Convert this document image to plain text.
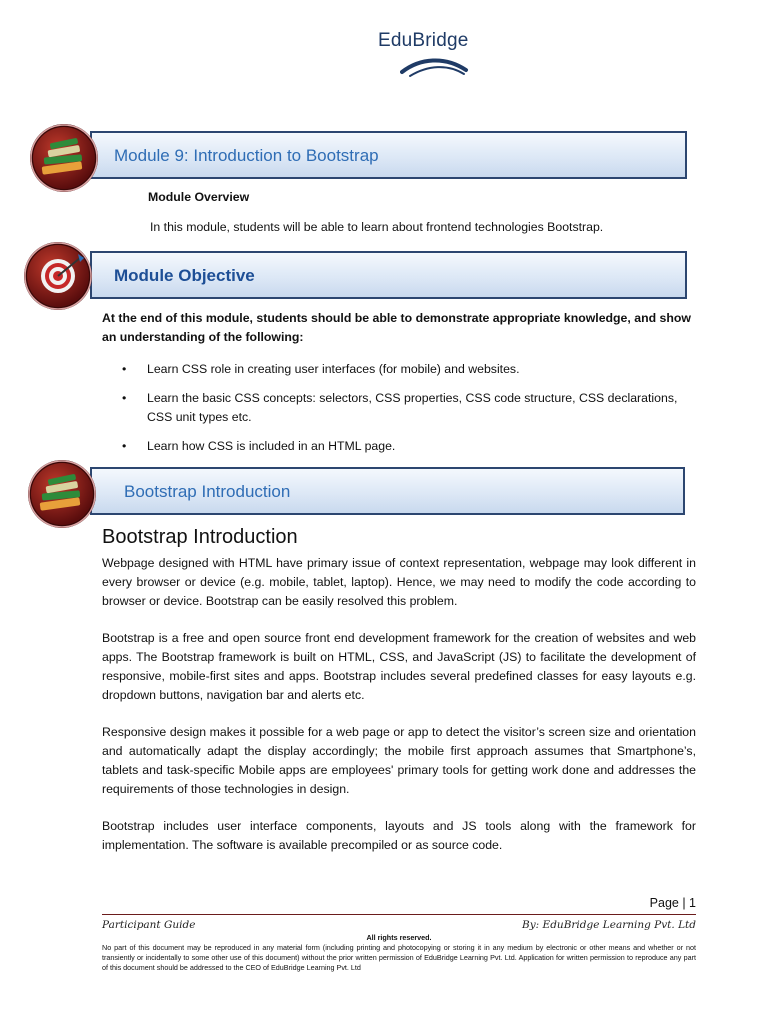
EduBridge
Module 9: Introduction to Bootstrap
Module Overview
In this module, students will be able to learn about frontend technologies Bootstrap.
Module Objective
At the end of this module, students should be able to demonstrate appropriate knowledge, and show an understanding of the following:
• Learn CSS role in creating user interfaces (for mobile) and websites.
• Learn the basic CSS concepts: selectors, CSS properties, CSS code structure, CSS declarations, CSS unit types etc.
• Learn how CSS is included in an HTML page.
Bootstrap Introduction
Bootstrap Introduction
Webpage designed with HTML have primary issue of context representation, webpage may look different in every browser or device (e.g. mobile, tablet, laptop). Hence, we may need to modify the code according to browser or device. Bootstrap can be easily resolved this problem.
Bootstrap is a free and open source front end development framework for the creation of websites and web apps. The Bootstrap framework is built on HTML, CSS, and JavaScript (JS) to facilitate the development of responsive, mobile-first sites and apps. Bootstrap includes several predefined classes for easy layouts e.g. dropdown buttons, navigation bar and alerts etc.
Responsive design makes it possible for a web page or app to detect the visitor’s screen size and orientation and automatically adapt the display accordingly; the mobile first approach assumes that Smartphone’s, tablets and task-specific Mobile apps are employees' primary tools for getting work done and addresses the requirements of those technologies in design.
Bootstrap includes user interface components, layouts and JS tools along with the framework for implementation. The software is available precompiled or as source code.
Page | 1
Participant Guide	By: EduBridge Learning Pvt. Ltd
All rights reserved.
No part of this document may be reproduced in any material form (including printing and photocopying or storing it in any medium by electronic or other means and whether or not transiently or incidentally to some other use of this document) without the prior written permission of EduBridge Learning Pvt. Ltd. Application for written permission to reproduce any part of this document should be addressed to the CEO of EduBridge Learning Pvt. Ltd
